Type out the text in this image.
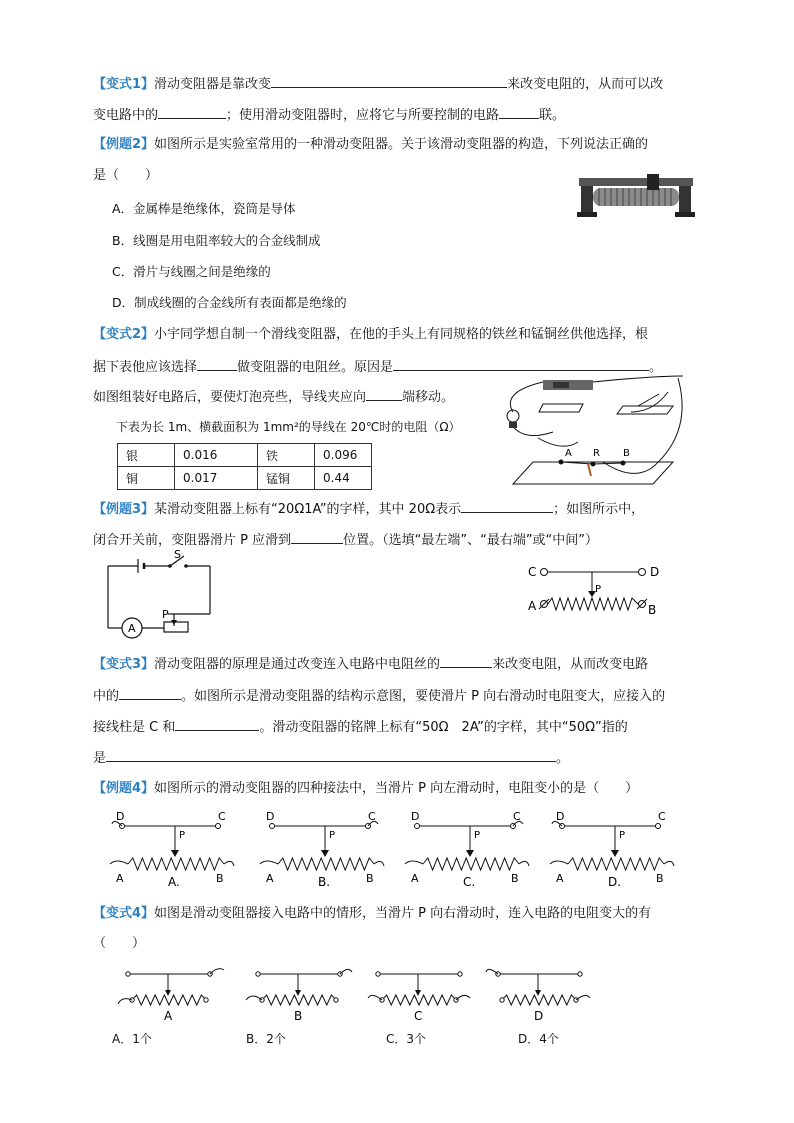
【变式1】滑动变阻器是靠改变	来改变电阻的，从而可以改
变电路中的	；使用滑动变阻器时，应将它与所要控制的电路	联。
【例题2】如图所示是实验室常用的一种滑动变阻器。关于该滑动变阻器的构造，下列说法正确的
是（　　）
A．金属棒是绝缘体，瓷筒是导体
B．线圈是用电阻率较大的合金线制成
C．滑片与线圈之间是绝缘的
D．制成线圈的合金线所有表面都是绝缘的
【变式2】小宇同学想自制一个滑线变阻器，在他的手头上有同规格的铁丝和锰铜丝供他选择，根
据下表他应该选择	做变阻器的电阻丝。原因是	。
如图组装好电路后，要使灯泡亮些，导线夹应向	端移动。
下表为长 1m、横截面积为 1mm²的导线在 20℃时的电阻（Ω）
银	0.016	铁	0.096
铜	0.017	锰铜	0.44
A R B
【例题3】某滑动变阻器上标有“20Ω1A”的字样，其中 20Ω表示	；如图所示中，
闭合开关前，变阻器滑片 P 应滑到	位置。（选填“最左端”、“最右端”或“中间”）
S
P
A
C	D
P
A	B
【变式3】滑动变阻器的原理是通过改变连入电路中电阻丝的	来改变电阻，从而改变电路
中的	。如图所示是滑动变阻器的结构示意图，要使滑片 P 向右滑动时电阻变大，应接入的
接线柱是 C 和	。滑动变阻器的铭牌上标有“50Ω　2A”的字样，其中“50Ω”指的
是	。
【例题4】如图所示的滑动变阻器的四种接法中，当滑片 P 向左滑动时，电阻变小的是（　　）
【变式4】如图是滑动变阻器接入电路中的情形，当滑片 P 向右滑动时，连入电路的电阻变大的有
（　　）
A．1个	B．2个	C．3个	D．4个
D	C
P
A	B
A.
D	C
P
A	B
B.
D	C
P
A	B
C.
D	C
P
A	B
D.
A	B	C	D
